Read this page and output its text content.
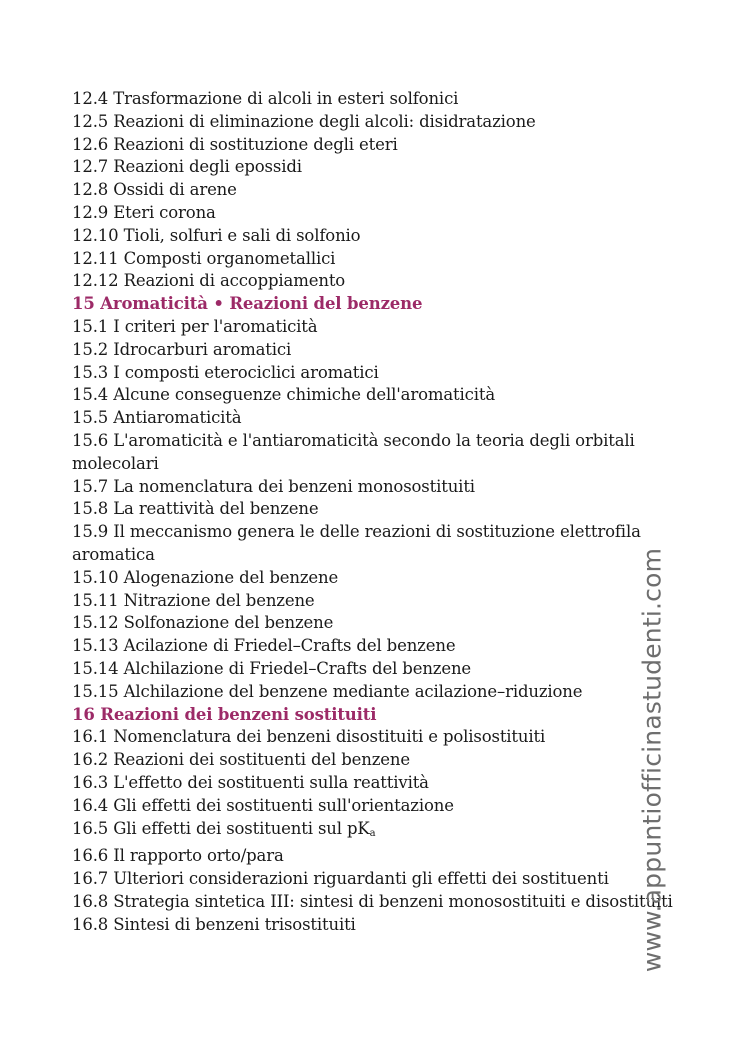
12.4 Trasformazione di alcoli in esteri solfonici
12.5 Reazioni di eliminazione degli alcoli: disidratazione
12.6 Reazioni di sostituzione degli eteri
12.7 Reazioni degli epossidi
12.8 Ossidi di arene
12.9 Eteri corona
12.10 Tioli, solfuri e sali di solfonio
12.11 Composti organometallici
12.12 Reazioni di accoppiamento
15 Aromaticità • Reazioni del benzene
15.1 I criteri per l'aromaticità
15.2 Idrocarburi aromatici
15.3 I composti eterociclici aromatici
15.4 Alcune conseguenze chimiche dell'aromaticità
15.5 Antiaromaticità
15.6 L'aromaticità e l'antiaromaticità secondo la teoria degli orbitali molecolari
15.7 La nomenclatura dei benzeni monosostituiti
15.8 La reattività del benzene
15.9 Il meccanismo genera le delle reazioni di sostituzione elettrofila aromatica
15.10 Alogenazione del benzene
15.11 Nitrazione del benzene
15.12 Solfonazione del benzene
15.13 Acilazione di Friedel–Crafts del benzene
15.14 Alchilazione di Friedel–Crafts del benzene
15.15 Alchilazione del benzene mediante acilazione–riduzione
16 Reazioni dei benzeni sostituiti
16.1 Nomenclatura dei benzeni disostituiti e polisostituiti
16.2 Reazioni dei sostituenti del benzene
16.3 L'effetto dei sostituenti sulla reattività
16.4 Gli effetti dei sostituenti sull'orientazione
16.5 Gli effetti dei sostituenti sul $pK_a$
16.6 Il rapporto orto/para
16.7 Ulteriori considerazioni riguardanti gli effetti dei sostituenti
16.8 Strategia sintetica III: sintesi di benzeni monosostituiti e disostituiti
16.8 Sintesi di benzeni trisostituiti	www.appuntiofficinastudenti.com
